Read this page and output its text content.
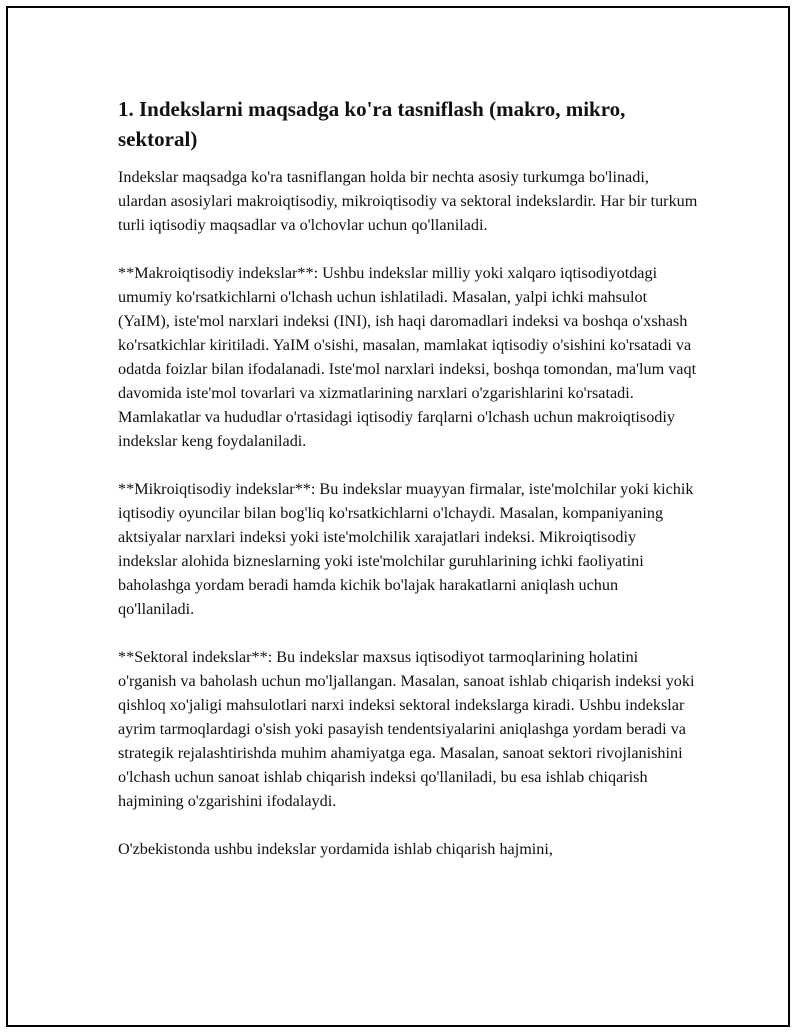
1. Indekslarni maqsadga ko'ra tasniflash (makro, mikro, sektoral)

Indekslar maqsadga ko'ra tasniflangan holda bir nechta asosiy turkumga bo'linadi, ulardan asosiylari makroiqtisodiy, mikroiqtisodiy va sektoral indekslardir. Har bir turkum turli iqtisodiy maqsadlar va o'lchovlar uchun qo'llaniladi.

**Makroiqtisodiy indekslar**: Ushbu indekslar milliy yoki xalqaro iqtisodiyotdagi umumiy ko'rsatkichlarni o'lchash uchun ishlatiladi. Masalan, yalpi ichki mahsulot (YaIM), iste'mol narxlari indeksi (INI), ish haqi daromadlari indeksi va boshqa o'xshash ko'rsatkichlar kiritiladi. YaIM o'sishi, masalan, mamlakat iqtisodiy o'sishini ko'rsatadi va odatda foizlar bilan ifodalanadi. Iste'mol narxlari indeksi, boshqa tomondan, ma'lum vaqt davomida iste'mol tovarlari va xizmatlarining narxlari o'zgarishlarini ko'rsatadi. Mamlakatlar va hududlar o'rtasidagi iqtisodiy farqlarni o'lchash uchun makroiqtisodiy indekslar keng foydalaniladi.

**Mikroiqtisodiy indekslar**: Bu indekslar muayyan firmalar, iste'molchilar yoki kichik iqtisodiy oyuncilar bilan bog'liq ko'rsatkichlarni o'lchaydi. Masalan, kompaniyaning aktsiyalar narxlari indeksi yoki iste'molchilik xarajatlari indeksi. Mikroiqtisodiy indekslar alohida bizneslarning yoki iste'molchilar guruhlarining ichki faoliyatini baholashga yordam beradi hamda kichik bo'lajak harakatlarni aniqlash uchun qo'llaniladi.

**Sektoral indekslar**: Bu indekslar maxsus iqtisodiyot tarmoqlarining holatini o'rganish va baholash uchun mo'ljallangan. Masalan, sanoat ishlab chiqarish indeksi yoki qishloq xo'jaligi mahsulotlari narxi indeksi sektoral indekslarga kiradi. Ushbu indekslar ayrim tarmoqlardagi o'sish yoki pasayish tendentsiyalarini aniqlashga yordam beradi va strategik rejalashtirishda muhim ahamiyatga ega. Masalan, sanoat sektori rivojlanishini o'lchash uchun sanoat ishlab chiqarish indeksi qo'llaniladi, bu esa ishlab chiqarish hajmining o'zgarishini ifodalaydi.

O'zbekistonda ushbu indekslar yordamida ishlab chiqarish hajmini,
